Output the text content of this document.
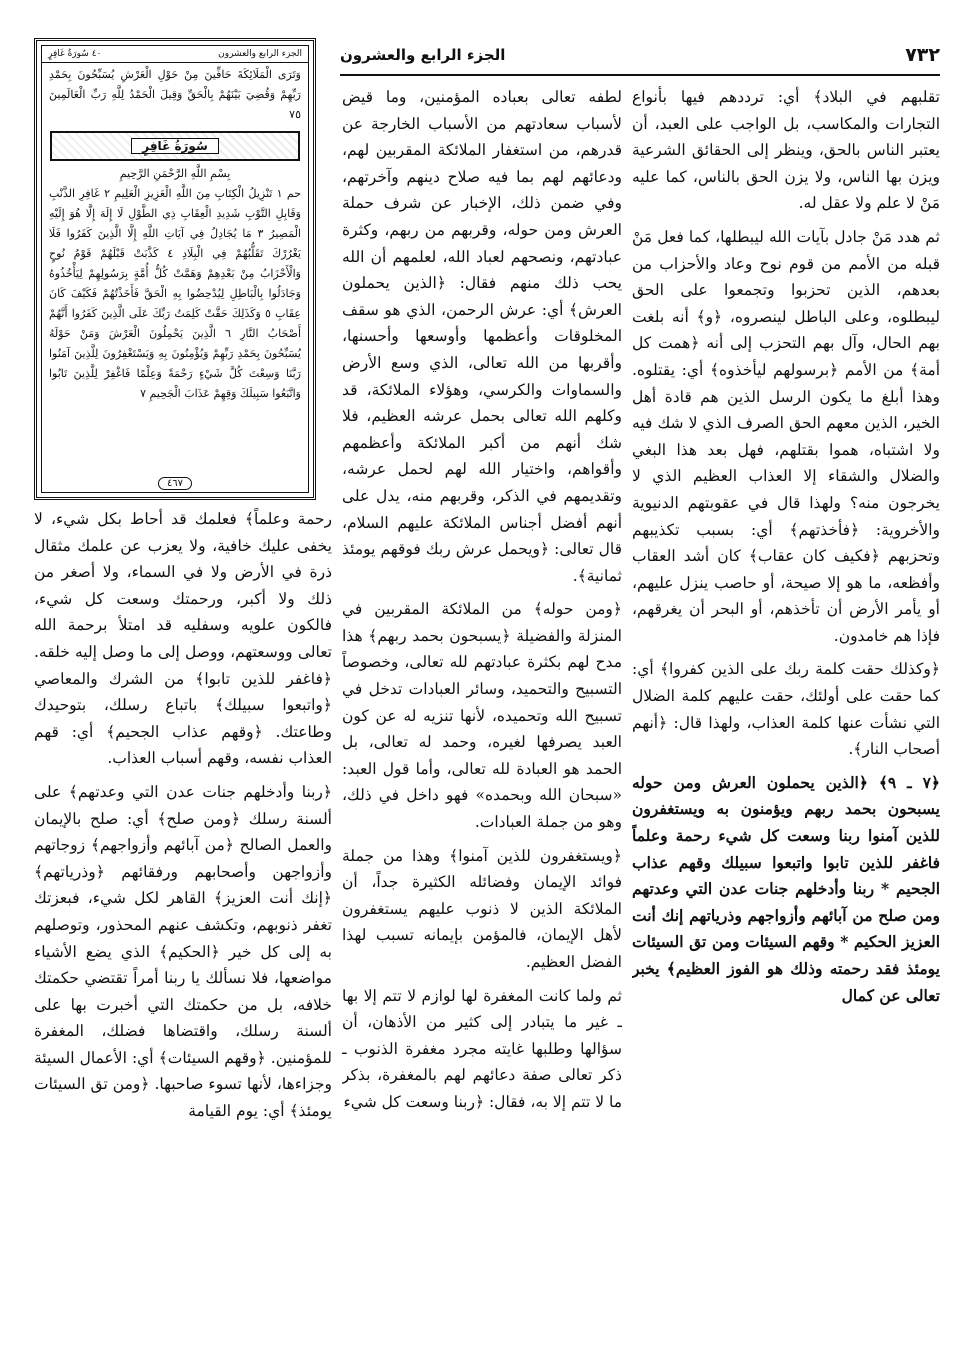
٧٣٢
الجزء الرابع والعشرون
الجزء الرابع والعشرون
٤٠ سُورَةُ غَافِرٍ
وَتَرَى الْمَلَائِكَةَ حَافِّينَ مِنْ حَوْلِ الْعَرْشِ يُسَبِّحُونَ بِحَمْدِ رَبِّهِمْ وَقُضِيَ بَيْنَهُمْ بِالْحَقِّ وَقِيلَ الْحَمْدُ لِلَّهِ رَبِّ الْعَالَمِينَ ٧٥
سُورَةُ غَافِرٍ
بِسْمِ اللَّهِ الرَّحْمَنِ الرَّحِيمِ
حم ١ تَنْزِيلُ الْكِتَابِ مِنَ اللَّهِ الْعَزِيزِ الْعَلِيمِ ٢ غَافِرِ الذَّنْبِ وَقَابِلِ التَّوْبِ شَدِيدِ الْعِقَابِ ذِي الطَّوْلِ لَا إِلَهَ إِلَّا هُوَ إِلَيْهِ الْمَصِيرُ ٣ مَا يُجَادِلُ فِي آيَاتِ اللَّهِ إِلَّا الَّذِينَ كَفَرُوا فَلَا يَغْرُرْكَ تَقَلُّبُهُمْ فِي الْبِلَادِ ٤ كَذَّبَتْ قَبْلَهُمْ قَوْمُ نُوحٍ وَالْأَحْزَابُ مِنْ بَعْدِهِمْ وَهَمَّتْ كُلُّ أُمَّةٍ بِرَسُولِهِمْ لِيَأْخُذُوهُ وَجَادَلُوا بِالْبَاطِلِ لِيُدْحِضُوا بِهِ الْحَقَّ فَأَخَذْتُهُمْ فَكَيْفَ كَانَ عِقَابِ ٥ وَكَذَلِكَ حَقَّتْ كَلِمَتُ رَبِّكَ عَلَى الَّذِينَ كَفَرُوا أَنَّهُمْ أَصْحَابُ النَّارِ ٦ الَّذِينَ يَحْمِلُونَ الْعَرْشَ وَمَنْ حَوْلَهُ يُسَبِّحُونَ بِحَمْدِ رَبِّهِمْ وَيُؤْمِنُونَ بِهِ وَيَسْتَغْفِرُونَ لِلَّذِينَ آمَنُوا رَبَّنَا وَسِعْتَ كُلَّ شَيْءٍ رَحْمَةً وَعِلْمًا فَاغْفِرْ لِلَّذِينَ تَابُوا وَاتَّبَعُوا سَبِيلَكَ وَقِهِمْ عَذَابَ الْجَحِيمِ ٧
٤٦٧

تقلبهم في البلاد﴾ أي: ترددهم فيها بأنواع التجارات والمكاسب، بل الواجب على العبد، أن يعتبر الناس بالحق، وينظر إلى الحقائق الشرعية ويزن بها الناس، ولا يزن الحق بالناس، كما عليه مَنْ لا علم ولا عقل له.

ثم هدد مَنْ جادل بآيات الله ليبطلها، كما فعل مَنْ قبله من الأمم من قوم نوح وعاد والأحزاب من بعدهم، الذين تحزبوا وتجمعوا على الحق ليبطلوه، وعلى الباطل لينصروه، ﴿و﴾ أنه بلغت بهم الحال، وآل بهم التحزب إلى أنه ﴿همت كل أمة﴾ من الأمم ﴿برسولهم ليأخذوه﴾ أي: يقتلوه. وهذا أبلغ ما يكون الرسل الذين هم قادة أهل الخير، الذين معهم الحق الصرف الذي لا شك فيه ولا اشتباه، هموا بقتلهم، فهل بعد هذا البغي والضلال والشقاء إلا العذاب العظيم الذي لا يخرجون منه؟ ولهذا قال في عقوبتهم الدنيوية والأخروية: ﴿فأخذتهم﴾ أي: بسبب تكذيبهم وتحزبهم ﴿فكيف كان عقاب﴾ كان أشد العقاب وأفظعه، ما هو إلا صيحة، أو حاصب ينزل عليهم، أو يأمر الأرض أن تأخذهم، أو البحر أن يغرقهم، فإذا هم خامدون.

﴿وكذلك حقت كلمة ربك على الذين كفروا﴾ أي: كما حقت على أولئك، حقت عليهم كلمة الضلال التي نشأت عنها كلمة العذاب، ولهذا قال: ﴿أنهم أصحاب النار﴾.

﴿٧ ـ ٩﴾ ﴿الذين يحملون العرش ومن حوله يسبحون بحمد ربهم ويؤمنون به ويستغفرون للذين آمنوا ربنا وسعت كل شيء رحمة وعلماً فاغفر للذين تابوا واتبعوا سبيلك وقهم عذاب الجحيم * ربنا وأدخلهم جنات عدن التي وعدتهم ومن صلح من آبائهم وأزواجهم وذرياتهم إنك أنت العزيز الحكيم * وقهم السيئات ومن تق السيئات يومئذ فقد رحمته وذلك هو الفوز العظيم﴾ يخبر تعالى عن كمال

لطفه تعالى بعباده المؤمنين، وما قيض لأسباب سعادتهم من الأسباب الخارجة عن قدرهم، من استغفار الملائكة المقربين لهم، ودعائهم لهم بما فيه صلاح دينهم وآخرتهم، وفي ضمن ذلك، الإخبار عن شرف حملة العرش ومن حوله، وقربهم من ربهم، وكثرة عبادتهم، ونصحهم لعباد الله، لعلمهم أن الله يحب ذلك منهم فقال: ﴿الذين يحملون العرش﴾ أي: عرش الرحمن، الذي هو سقف المخلوقات وأعظمها وأوسعها وأحسنها، وأقربها من الله تعالى، الذي وسع الأرض والسماوات والكرسي، وهؤلاء الملائكة، قد وكلهم الله تعالى بحمل عرشه العظيم، فلا شك أنهم من أكبر الملائكة وأعظمهم وأقواهم، واختيار الله لهم لحمل عرشه، وتقديمهم في الذكر، وقربهم منه، يدل على أنهم أفضل أجناس الملائكة عليهم السلام، قال تعالى: ﴿ويحمل عرش ربك فوقهم يومئذ ثمانية﴾.

﴿ومن حوله﴾ من الملائكة المقربين في المنزلة والفضيلة ﴿يسبحون بحمد ربهم﴾ هذا مدح لهم بكثرة عبادتهم لله تعالى، وخصوصاً التسبيح والتحميد، وسائر العبادات تدخل في تسبيح الله وتحميده، لأنها تنزيه له عن كون العبد يصرفها لغيره، وحمد له تعالى، بل الحمد هو العبادة لله تعالى، وأما قول العبد: «سبحان الله وبحمده» فهو داخل في ذلك، وهو من جملة العبادات.

﴿ويستغفرون للذين آمنوا﴾ وهذا من جملة فوائد الإيمان وفضائله الكثيرة جداً، أن الملائكة الذين لا ذنوب عليهم يستغفرون لأهل الإيمان، فالمؤمن بإيمانه تسبب لهذا الفضل العظيم.

ثم ولما كانت المغفرة لها لوازم لا تتم إلا بها ـ غير ما يتبادر إلى كثير من الأذهان، أن سؤالها وطلبها غايته مجرد مغفرة الذنوب ـ ذكر تعالى صفة دعائهم لهم بالمغفرة، بذكر ما لا تتم إلا به، فقال: ﴿ربنا وسعت كل شيء

رحمة وعلماً﴾ فعلمك قد أحاط بكل شيء، لا يخفى عليك خافية، ولا يعزب عن علمك مثقال ذرة في الأرض ولا في السماء، ولا أصغر من ذلك ولا أكبر، ورحمتك وسعت كل شيء، فالكون علويه وسفليه قد امتلأ برحمة الله تعالى ووسعتهم، ووصل إلى ما وصل إليه خلقه. ﴿فاغفر للذين تابوا﴾ من الشرك والمعاصي ﴿واتبعوا سبيلك﴾ باتباع رسلك، بتوحيدك وطاعتك. ﴿وقهم عذاب الجحيم﴾ أي: قهم العذاب نفسه، وقهم أسباب العذاب.

﴿ربنا وأدخلهم جنات عدن التي وعدتهم﴾ على ألسنة رسلك ﴿ومن صلح﴾ أي: صلح بالإيمان والعمل الصالح ﴿من آبائهم وأزواجهم﴾ زوجاتهم وأزواجهن وأصحابهم ورفقائهم ﴿وذرياتهم﴾ ﴿إنك أنت العزيز﴾ القاهر لكل شيء، فبعزتك تغفر ذنوبهم، وتكشف عنهم المحذور، وتوصلهم به إلى كل خير ﴿الحكيم﴾ الذي يضع الأشياء مواضعها، فلا نسألك يا ربنا أمراً تقتضي حكمتك خلافه، بل من حكمتك التي أخبرت بها على ألسنة رسلك، واقتضاها فضلك، المغفرة للمؤمنين. ﴿وقهم السيئات﴾ أي: الأعمال السيئة وجزاءها، لأنها تسوء صاحبها. ﴿ومن تق السيئات يومئذ﴾ أي: يوم القيامة
